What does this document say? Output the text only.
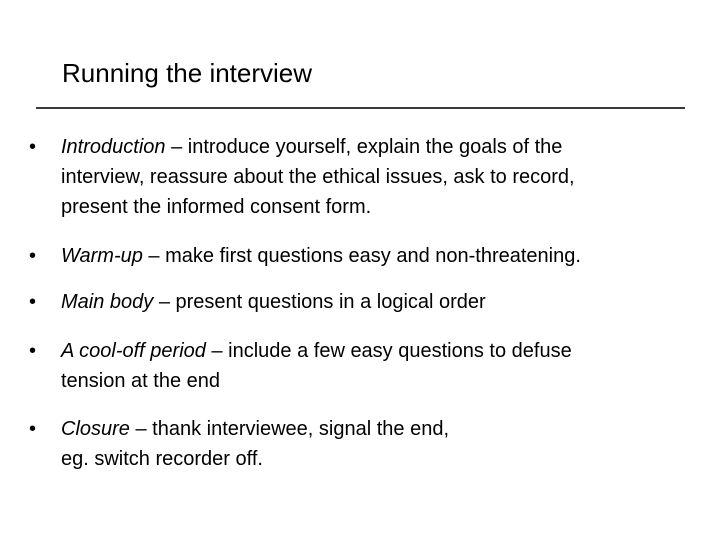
Running the interview
• Introduction – introduce yourself, explain the goals of the
interview, reassure about the ethical issues, ask to record,
present the informed consent form.
• Warm-up – make first questions easy and non-threatening.
• Main body – present questions in a logical order
• A cool-off period – include a few easy questions to defuse
tension at the end
• Closure – thank interviewee, signal the end,
eg. switch recorder off.
